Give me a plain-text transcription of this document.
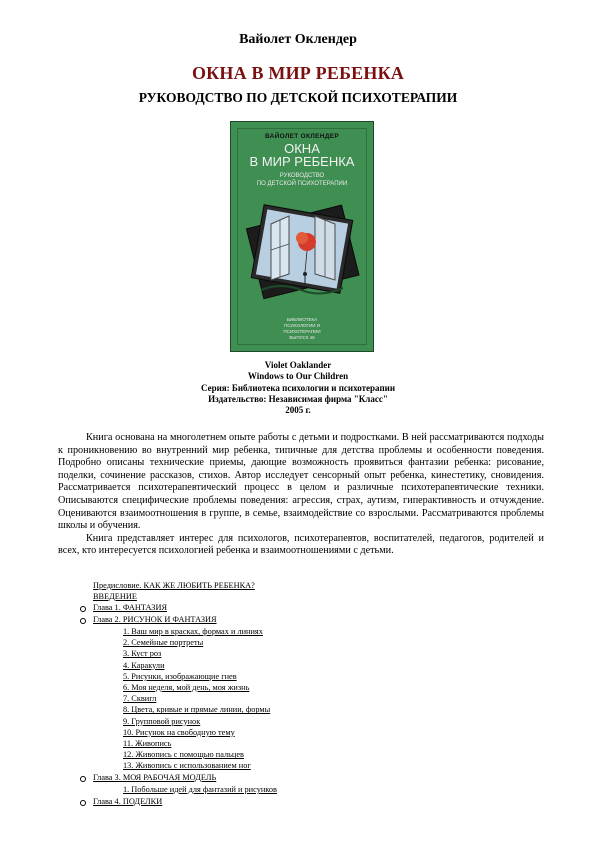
Вайолет Оклендер
ОКНА В МИР РЕБЕНКА
РУКОВОДСТВО ПО ДЕТСКОЙ ПСИХОТЕРАПИИ
ВАЙОЛЕТ ОКЛЕНДЕР
ОКНА
В МИР РЕБЕНКА
РУКОВОДСТВО
ПО ДЕТСКОЙ ПСИХОТЕРАПИИ
БИБЛИОТЕКА
ПСИХОЛОГИИ И
ПСИХОТЕРАПИИ
ВЫПУСК 46
Violet Oaklander
Windows to Our Children
Серия: Библиотека психологии и психотерапии
Издательство: Независимая фирма "Класс"
2005 г.

Книга основана на многолетнем опыте работы с детьми и подростками. В ней рассматриваются подходы к проникновению во внутренний мир ребенка, типичные для детства проблемы и особенности поведения. Подробно описаны технические приемы, дающие возможность проявиться фантазии ребенка: рисование, поделки, сочинение рассказов, стихов. Автор исследует сенсорный опыт ребенка, кинестетику, сновидения. Рассматривается психотерапевтический процесс в целом и различные психотерапевтические техники. Описываются специфические проблемы поведения: агрессия, страх, аутизм, гиперактивность и отчуждение. Оцениваются взаимоотношения в группе, в семье, взаимодействие со взрослыми. Рассматриваются проблемы школы и обучения.

Книга представляет интерес для психологов, психотерапевтов, воспитателей, педагогов, родителей и всех, кто интересуется психологией ребенка и взаимоотношениями с детьми.

Предисловие. КАК ЖЕ ЛЮБИТЬ РЕБЕНКА?
ВВЕДЕНИЕ
Глава 1. ФАНТАЗИЯ
Глава 2. РИСУНОК И ФАНТАЗИЯ
1. Ваш мир в красках, формах и линиях
2. Семейные портреты
3. Куст роз
4. Каракули
5. Рисунки, изображающие гнев
6. Моя неделя, мой день, моя жизнь
7. Сквигл
8. Цвета, кривые и прямые линии, формы
9. Групповой рисунок
10. Рисунок на свободную тему
11. Живопись
12. Живопись с помощью пальцев
13. Живопись с использованием ног
Глава 3. МОЯ РАБОЧАЯ МОДЕЛЬ
1. Побольше идей для фантазий и рисунков
Глава 4. ПОДЕЛКИ
